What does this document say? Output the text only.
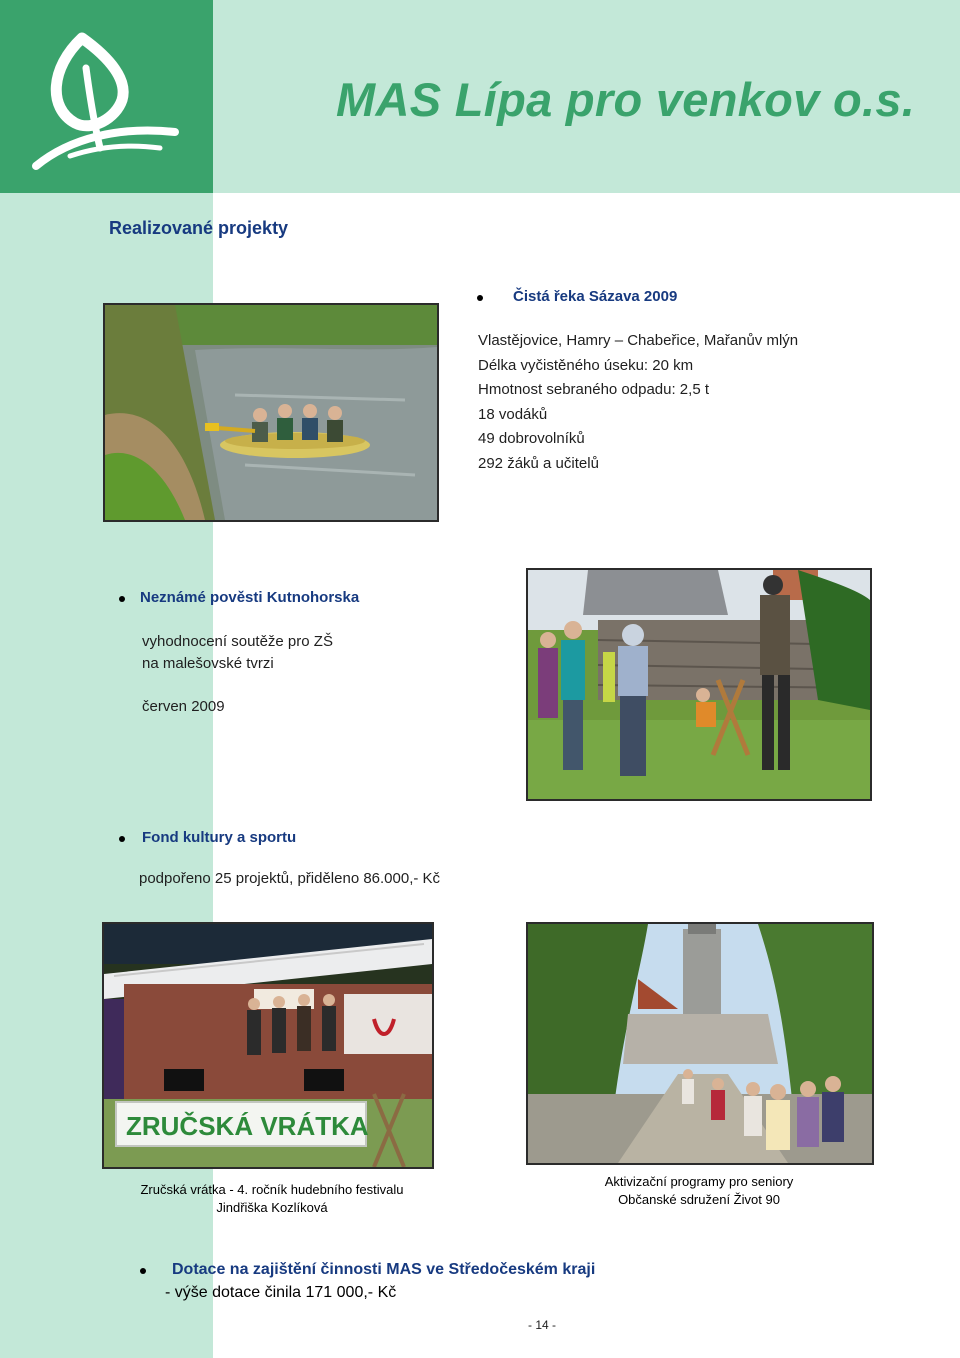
MAS Lípa pro venkov o.s.
Realizované projekty
Čistá řeka Sázava 2009
Vlastějovice, Hamry – Chabeřice, Mařanův mlýn
Délka vyčistěného úseku: 20 km
Hmotnost sebraného odpadu: 2,5 t
18 vodáků
49 dobrovolníků
292 žáků a učitelů
Neznámé pověsti Kutnohorska
vyhodnocení soutěže pro ZŠ
na malešovské tvrzi
červen 2009
Fond kultury a sportu
podpořeno 25 projektů, přiděleno 86.000,- Kč
ZRUČSKÁ VRÁTKA
Zručská vrátka - 4. ročník hudebního festivalu
Jindřiška Kozlíková
Aktivizační programy pro seniory
Občanské sdružení Život 90
Dotace na zajištění činnosti MAS ve Středočeském kraji
- výše dotace činila 171 000,- Kč
- 14 -
